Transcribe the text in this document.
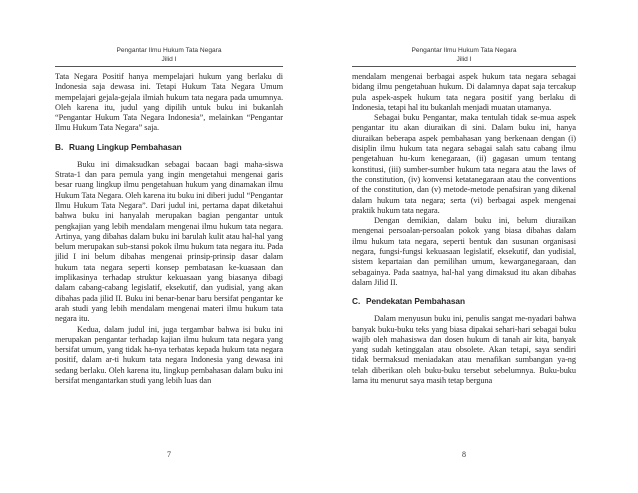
Pengantar Ilmu Hukum Tata Negara
Jilid I

Tata Negara Positif hanya mempelajari hukum yang berlaku di Indonesia saja dewasa ini. Tetapi Hukum Tata Negara Umum mempelajari gejala-gejala ilmiah hukum tata negara pada umumnya. Oleh karena itu, judul yang dipilih untuk buku ini bukanlah “Pengantar Hukum Tata Negara Indonesia”, melainkan “Pengantar Ilmu Hukum Tata Negara” saja.

B. Ruang Lingkup Pembahasan

Buku ini dimaksudkan sebagai bacaan bagi maha-siswa Strata-1 dan para pemula yang ingin mengetahui mengenai garis besar ruang lingkup ilmu pengetahuan hukum yang dinamakan ilmu Hukum Tata Negara. Oleh karena itu buku ini diberi judul “Pengantar Ilmu Hukum Tata Negara”. Dari judul ini, pertama dapat diketahui bahwa buku ini hanyalah merupakan bagian pengantar untuk pengkajian yang lebih mendalam mengenai ilmu hukum tata negara. Artinya, yang dibahas dalam buku ini barulah kulit atau hal-hal yang belum merupakan sub-stansi pokok ilmu hukum tata negara itu. Pada jilid I ini belum dibahas mengenai prinsip-prinsip dasar dalam hukum tata negara seperti konsep pembatasan ke-kuasaan dan implikasinya terhadap struktur kekuasaan yang biasanya dibagi dalam cabang-cabang legislatif, eksekutif, dan yudisial, yang akan dibahas pada jilid II. Buku ini benar-benar baru bersifat pengantar ke arah studi yang lebih mendalam mengenai materi ilmu hukum tata negara itu.

Kedua, dalam judul ini, juga tergambar bahwa isi buku ini merupakan pengantar terhadap kajian ilmu hukum tata negara yang bersifat umum, yang tidak ha-nya terbatas kepada hukum tata negara positif, dalam ar-ti hukum tata negara Indonesia yang dewasa ini sedang berlaku. Oleh karena itu, lingkup pembahasan dalam buku ini bersifat mengantarkan studi yang lebih luas dan

7
Pengantar Ilmu Hukum Tata Negara
Jilid I

mendalam mengenai berbagai aspek hukum tata negara sebagai bidang ilmu pengetahuan hukum. Di dalamnya dapat saja tercakup pula aspek-aspek hukum tata negara positif yang berlaku di Indonesia, tetapi hal itu bukanlah menjadi muatan utamanya.

Sebagai buku Pengantar, maka tentulah tidak se-mua aspek pengantar itu akan diuraikan di sini. Dalam buku ini, hanya diuraikan beberapa aspek pembahasan yang berkenaan dengan (i) disiplin ilmu hukum tata negara sebagai salah satu cabang ilmu pengetahuan hu-kum kenegaraan, (ii) gagasan umum tentang konstitusi, (iii) sumber-sumber hukum tata negara atau the laws of the constitution, (iv) konvensi ketatanegaraan atau the conventions of the constitution, dan (v) metode-metode penafsiran yang dikenal dalam hukum tata negara; serta (vi) berbagai aspek mengenai praktik hukum tata negara.

Dengan demikian, dalam buku ini, belum diuraikan mengenai persoalan-persoalan pokok yang biasa dibahas dalam ilmu hukum tata negara, seperti bentuk dan susunan organisasi negara, fungsi-fungsi kekuasaan legislatif, eksekutif, dan yudisial, sistem kepartaian dan pemilihan umum, kewarganegaraan, dan sebagainya. Pada saatnya, hal-hal yang dimaksud itu akan dibahas dalam Jilid II.

C. Pendekatan Pembahasan

Dalam menyusun buku ini, penulis sangat me-nyadari bahwa banyak buku-buku teks yang biasa dipakai sehari-hari sebagai buku wajib oleh mahasiswa dan dosen hukum di tanah air kita, banyak yang sudah ketinggalan atau obsolete. Akan tetapi, saya sendiri tidak bermaksud meniadakan atau menafikan sumbangan ya-ng telah diberikan oleh buku-buku tersebut sebelumnya. Buku-buku lama itu menurut saya masih tetap berguna

8
